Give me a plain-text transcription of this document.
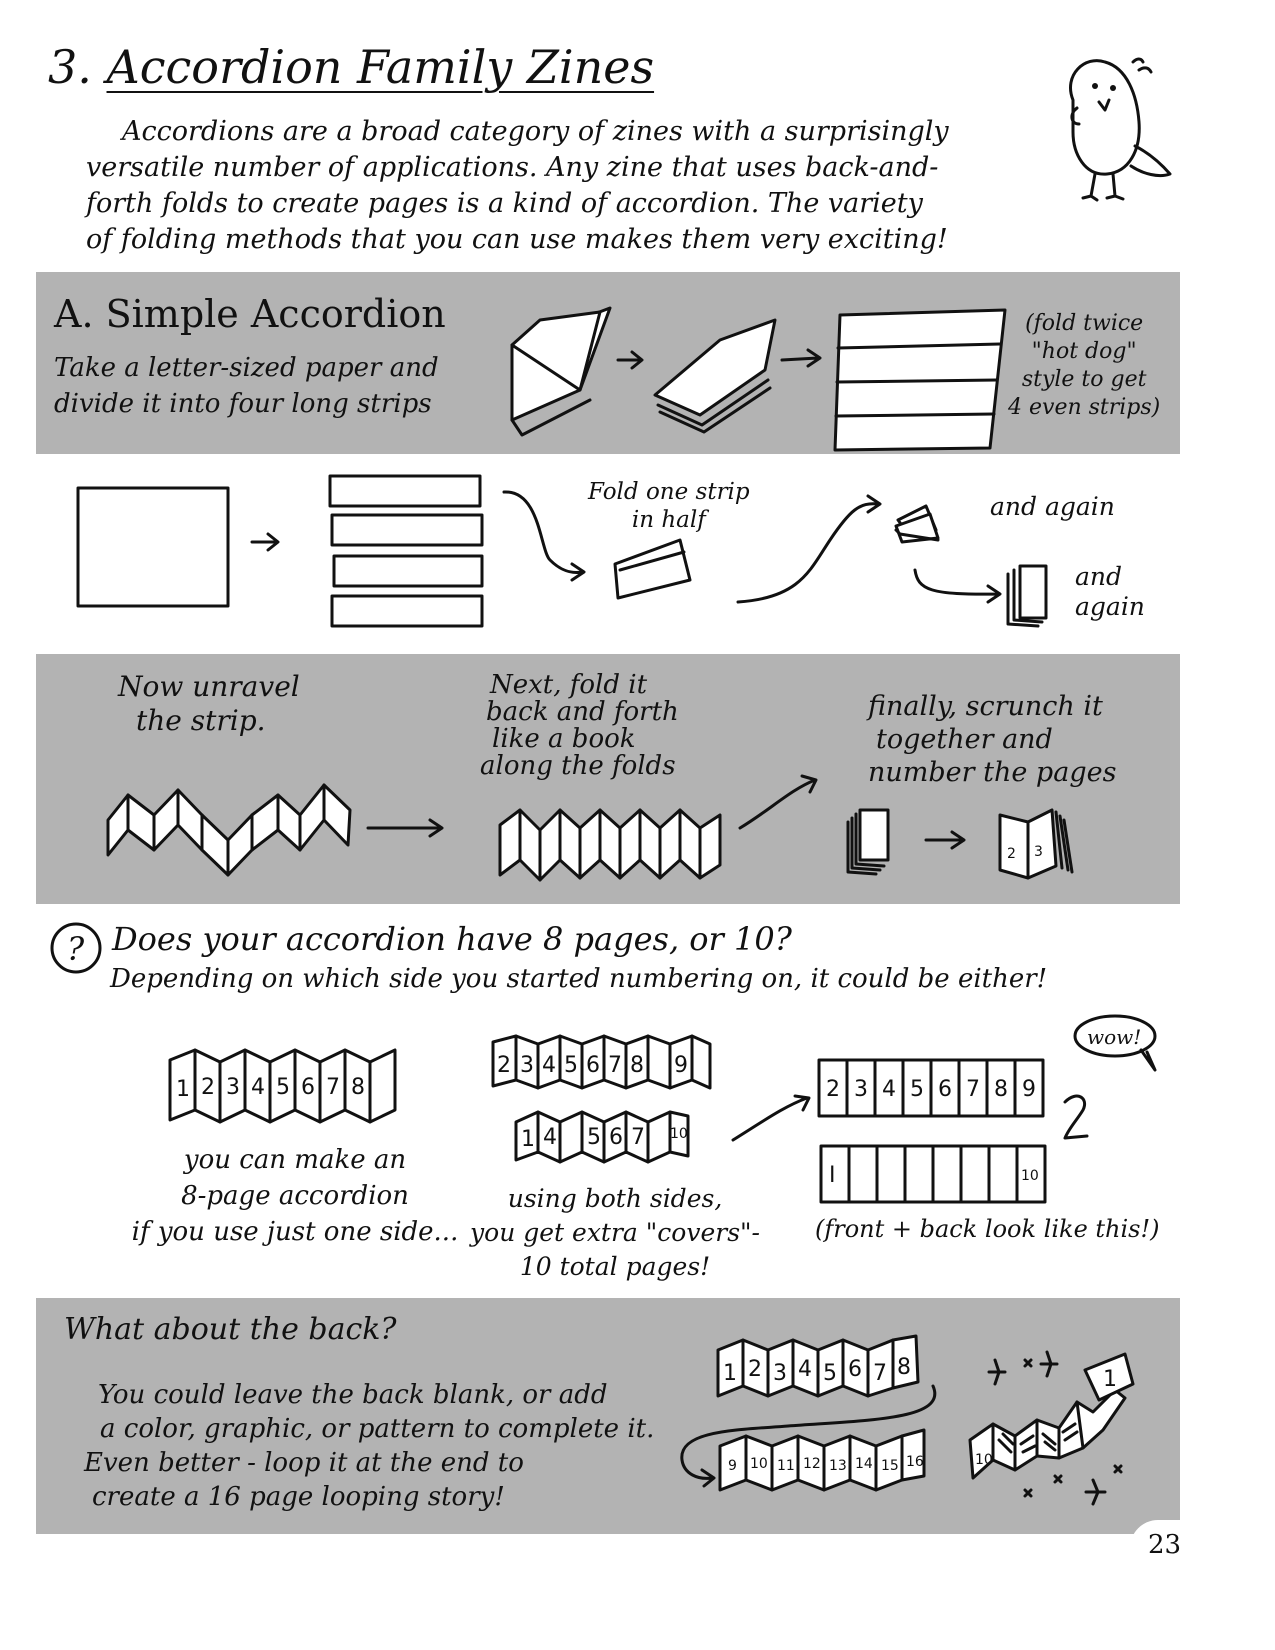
3. Accordion Family Zines
Accordions are a broad category of zines with a surprisingly
versatile number of applications. Any zine that uses back-and-
forth folds to create pages is a kind of accordion. The variety
of folding methods that you can use makes them very exciting!
A. Simple Accordion
Take a letter-sized paper and
divide it into four long strips
(fold twice
"hot dog"
style to get
4 even strips)
Fold one strip
in half	and again
and
again
Now unravel
the strip.
Next, fold it
back and forth
like a book
along the folds
finally, scrunch it
together and
number the pages
2 3
? Does your accordion have 8 pages, or 10?
Depending on which side you started numbering on, it could be either!
1 2 3 4 5 6 7 8
you can make an
8-page accordion
if you use just one side...
2 3 4 5 6 7 8 9
1 4 5 6 7 10
using both sides,
you get extra "covers"-
10 total pages!
2 3 4 5 6 7 8 9
I	10
wow!
(front + back look like this!)
What about the back?
You could leave the back blank, or add
a color, graphic, or pattern to complete it.
Even better - loop it at the end to
create a 16 page looping story!
1 2 3 4 5 6 7 8
9 10 11 12 13 14 15 16
1
10
23
